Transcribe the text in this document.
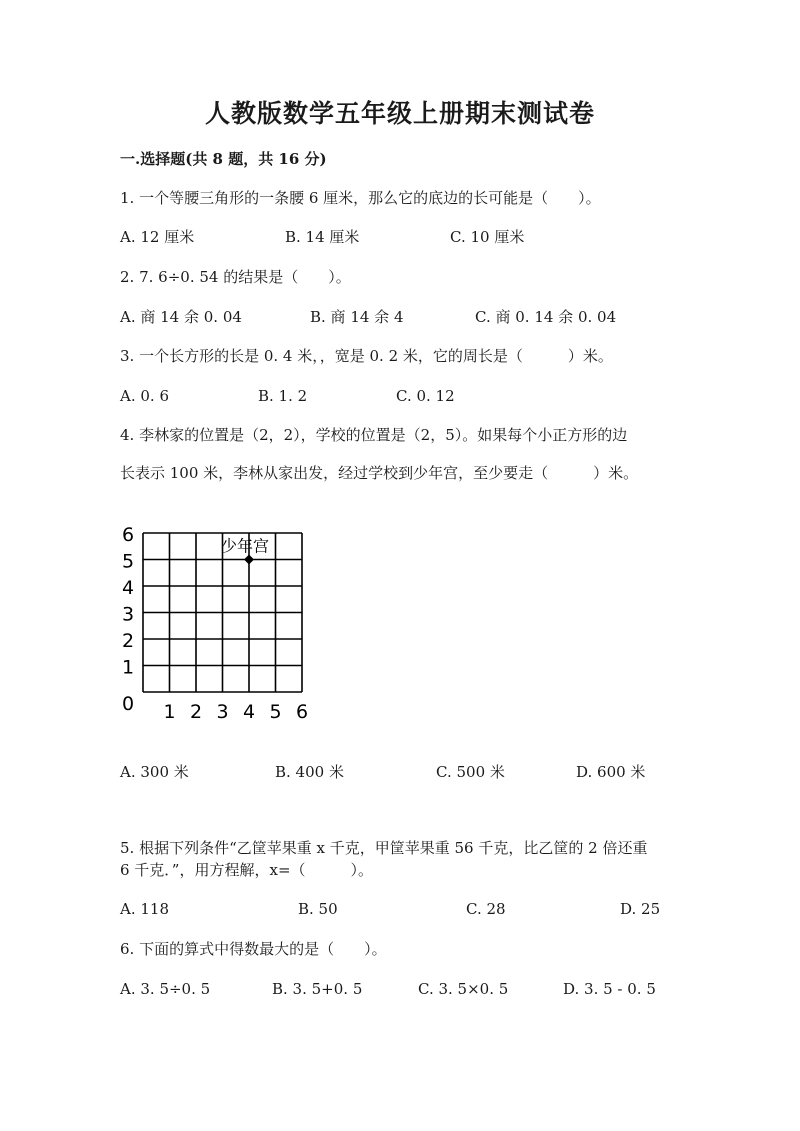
人教版数学五年级上册期末测试卷
一.选择题(共 8 题，共 16 分)
1. 一个等腰三角形的一条腰 6 厘米，那么它的底边的长可能是（　　）。
A. 12 厘米	B. 14 厘米	C. 10 厘米
2. 7. 6÷0. 54 的结果是（　　）。
A. 商 14 余 0. 04	B. 商 14 余 4	C. 商 0. 14 余 0. 04
3. 一个长方形的长是 0. 4 米，，宽是 0. 2 米，它的周长是（　　　）米。
A. 0. 6	B. 1. 2	C. 0. 12
4. 李林家的位置是（2，2），学校的位置是（2，5）。如果每个小正方形的边
长表示 100 米，李林从家出发，经过学校到少年宫，至少要走（　　　）米。
0
1
2
3
4
5
6
1 2 3 4 5 6
少年宫
A. 300 米	B. 400 米	C. 500 米	D. 600 米
5. 根据下列条件“乙筐苹果重 x 千克，甲筐苹果重 56 千克，比乙筐的 2 倍还重
6 千克．”，用方程解，x=（　　　）。
A. 118	B. 50	C. 28	D. 25
6. 下面的算式中得数最大的是（　　）。
A. 3. 5÷0. 5	B. 3. 5+0. 5	C. 3. 5×0. 5	D. 3. 5 - 0. 5
